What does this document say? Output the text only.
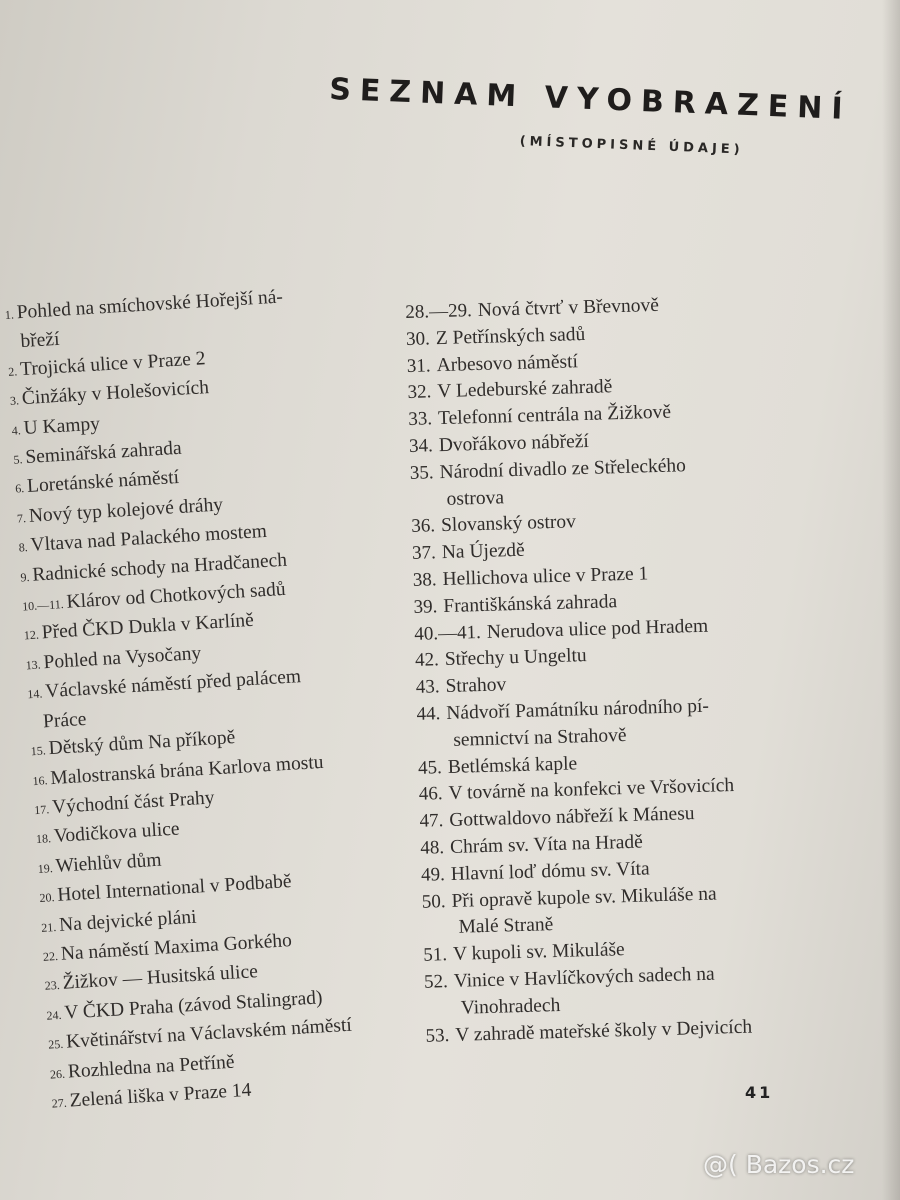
SEZNAM VYOBRAZENÍ
(MÍSTOPISNÉ ÚDAJE)
1.Pohled na smíchovské Hořejší ná-
břeží
2.Trojická ulice v Praze 2
3.Činžáky v Holešovicích
4.U Kampy
5.Seminářská zahrada
6.Loretánské náměstí
7.Nový typ kolejové dráhy
8.Vltava nad Palackého mostem
9.Radnické schody na Hradčanech
10.—11.Klárov od Chotkových sadů
12.Před ČKD Dukla v Karlíně
13.Pohled na Vysočany
14.Václavské náměstí před palácem
Práce
15.Dětský dům Na příkopě
16.Malostranská brána Karlova mostu
17.Východní část Prahy
18.Vodičkova ulice
19.Wiehlův dům
20.Hotel International v Podbabě
21.Na dejvické pláni
22.Na náměstí Maxima Gorkého
23.Žižkov — Husitská ulice
24.V ČKD Praha (závod Stalingrad)
25.Květinářství na Václavském náměstí
26.Rozhledna na Petříně
27.Zelená liška v Praze 14
28.—29. Nová čtvrť v Břevnově
30. Z Petřínských sadů
31. Arbesovo náměstí
32. V Ledeburské zahradě
33. Telefonní centrála na Žižkově
34. Dvořákovo nábřeží
35. Národní divadlo ze Střeleckého
ostrova
36. Slovanský ostrov
37. Na Újezdě
38. Hellichova ulice v Praze 1
39. Františkánská zahrada
40.—41. Nerudova ulice pod Hradem
42. Střechy u Ungeltu
43. Strahov
44. Nádvoří Památníku národního pí-
semnictví na Strahově
45. Betlémská kaple
46. V továrně na konfekci ve Vršovicích
47. Gottwaldovo nábřeží k Mánesu
48. Chrám sv. Víta na Hradě
49. Hlavní loď dómu sv. Víta
50. Při opravě kupole sv. Mikuláše na
Malé Straně
51. V kupoli sv. Mikuláše
52. Vinice v Havlíčkových sadech na
Vinohradech
53. V zahradě mateřské školy v Dejvicích
41
@( Bazos.cz
